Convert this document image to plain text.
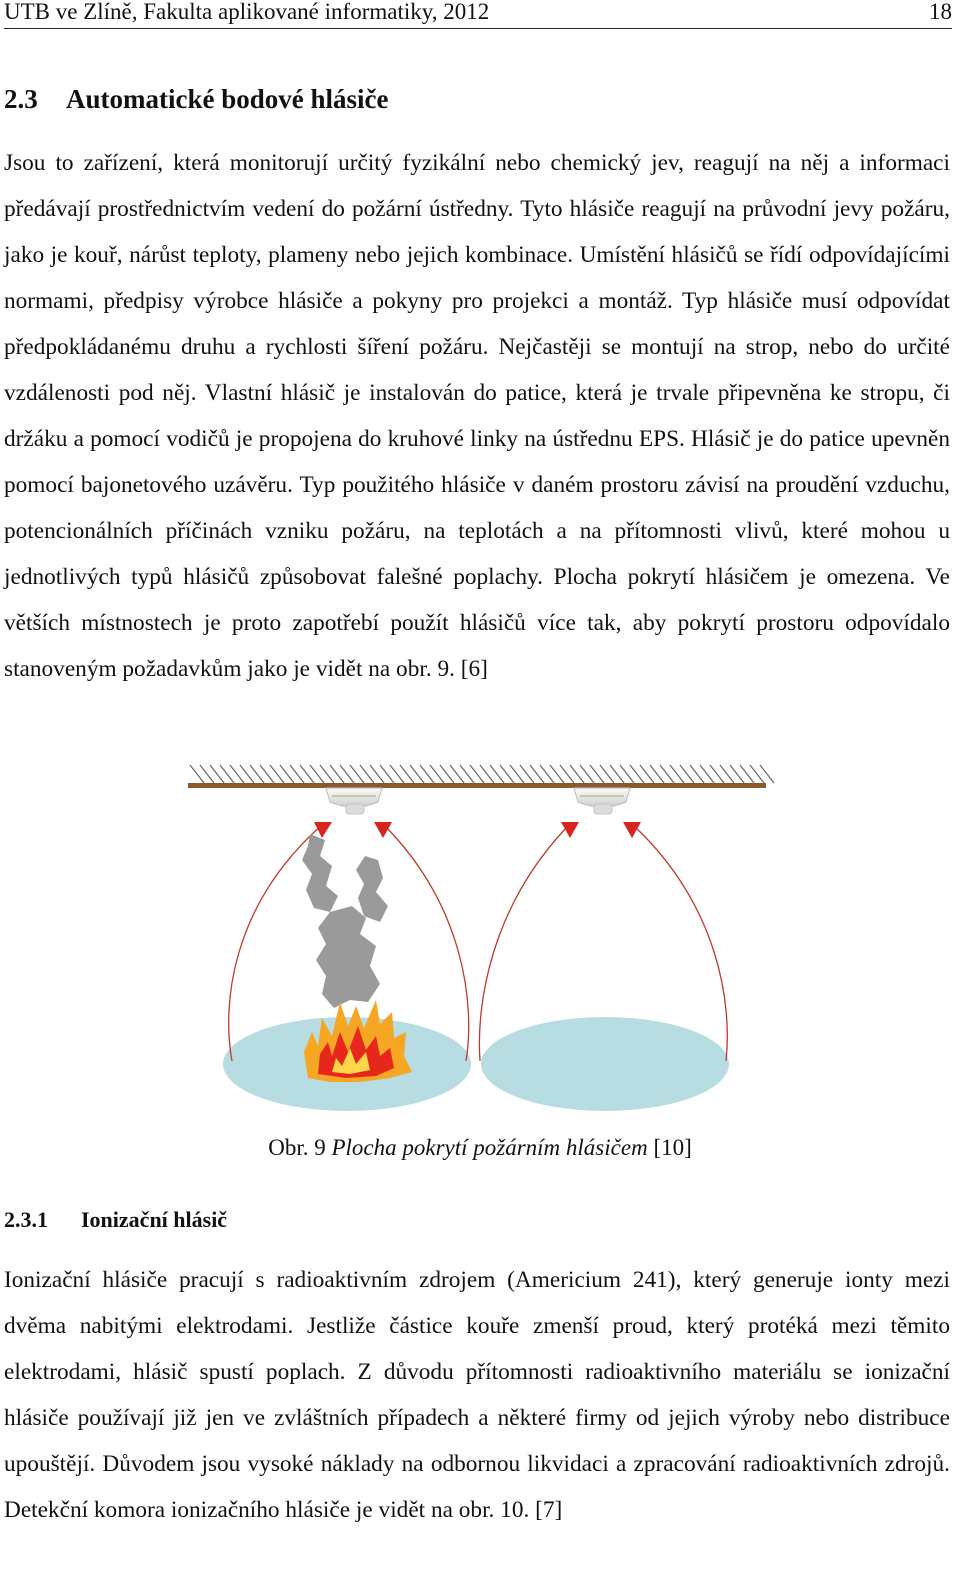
UTB ve Zlíně, Fakulta aplikované informatiky, 2012	18
2.3 Automatické bodové hlásiče

Jsou to zařízení, která monitorují určitý fyzikální nebo chemický jev, reagují na něj a informaci předávají prostřednictvím vedení do požární ústředny. Tyto hlásiče reagují na průvodní jevy požáru, jako je kouř, nárůst teploty, plameny nebo jejich kombinace. Umístění hlásičů se řídí odpovídajícími normami, předpisy výrobce hlásiče a pokyny pro projekci a montáž. Typ hlásiče musí odpovídat předpokládanému druhu a rychlosti šíření požáru. Nejčastěji se montují na strop, nebo do určité vzdálenosti pod něj. Vlastní hlásič je instalován do patice, která je trvale připevněna ke stropu, či držáku a pomocí vodičů je propojena do kruhové linky na ústřednu EPS. Hlásič je do patice upevněn pomocí bajonetového uzávěru. Typ použitého hlásiče v daném prostoru závisí na proudění vzduchu, potencionálních příčinách vzniku požáru, na teplotách a na přítomnosti vlivů, které mohou u jednotlivých typů hlásičů způsobovat falešné poplachy. Plocha pokrytí hlásičem je omezena. Ve větších místnostech je proto zapotřebí použít hlásičů více tak, aby pokrytí prostoru odpovídalo stanoveným požadavkům jako je vidět na obr. 9. [6]

Obr. 9 Plocha pokrytí požárním hlásičem [10]
2.3.1 Ionizační hlásič

Ionizační hlásiče pracují s radioaktivním zdrojem (Americium 241), který generuje ionty mezi dvěma nabitými elektrodami. Jestliže částice kouře zmenší proud, který protéká mezi těmito elektrodami, hlásič spustí poplach. Z důvodu přítomnosti radioaktivního materiálu se ionizační hlásiče používají již jen ve zvláštních případech a některé firmy od jejich výroby nebo distribuce upouštějí. Důvodem jsou vysoké náklady na odbornou likvidaci a zpracování radioaktivních zdrojů. Detekční komora ionizačního hlásiče je vidět na obr. 10. [7]
